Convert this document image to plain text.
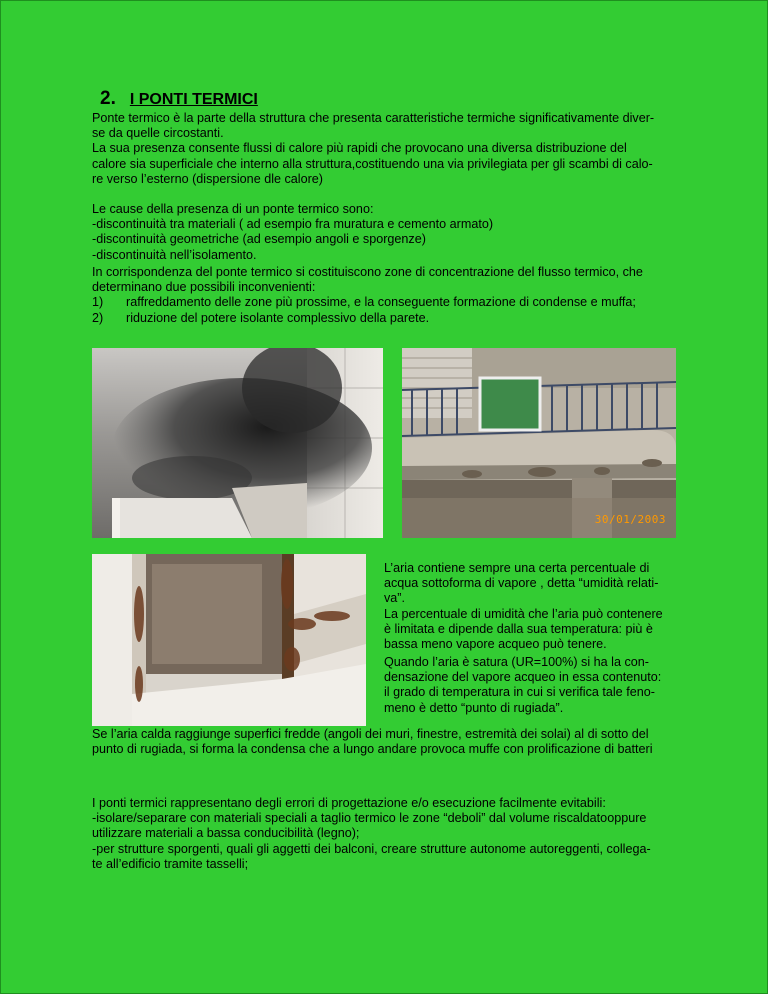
2. I PONTI TERMICI
Ponte termico è la parte della struttura che presenta caratteristiche termiche significativamente diver-
se da quelle circostanti.
La sua presenza consente flussi di calore più rapidi che provocano una diversa distribuzione del
calore sia superficiale che interno alla struttura,costituendo una via privilegiata per gli scambi di calo-
re verso l’esterno (dispersione dle calore)
Le cause della presenza di un ponte termico sono:
-discontinuità tra materiali ( ad esempio fra muratura e cemento armato)
-discontinuità geometriche (ad esempio angoli e sporgenze)
-discontinuità nell’isolamento.
In corrispondenza del ponte termico si costituiscono zone di concentrazione del flusso termico, che
determinano due possibili inconvenienti:
1)	raffreddamento delle zone più prossime, e la conseguente formazione di condense e muffa;
2)	riduzione del potere isolante complessivo della parete.
30/01/2003
L’aria contiene sempre una certa percentuale di
acqua sottoforma di vapore , detta “umidità relati-
va”.
La percentuale di umidità che l’aria può contenere
è limitata e dipende dalla sua temperatura: più è
bassa meno vapore acqueo può tenere.
Quando l’aria è satura (UR=100%) si ha la con-
densazione del vapore acqueo in essa contenuto:
il grado di temperatura in cui si verifica tale feno-
meno è detto “punto di rugiada”.
Se l’aria calda raggiunge superfici fredde (angoli dei muri, finestre, estremità dei solai) al di sotto del
punto di rugiada, si forma la condensa che a lungo andare provoca muffe con prolificazione di batteri
I ponti termici rappresentano degli errori di progettazione e/o esecuzione facilmente evitabili:
-isolare/separare con materiali speciali a taglio termico le zone “deboli” dal volume riscaldatooppure
utilizzare materiali a bassa conducibilità (legno);
-per strutture sporgenti, quali gli aggetti dei balconi, creare strutture autonome autoreggenti, collega-
te all’edificio tramite tasselli;
